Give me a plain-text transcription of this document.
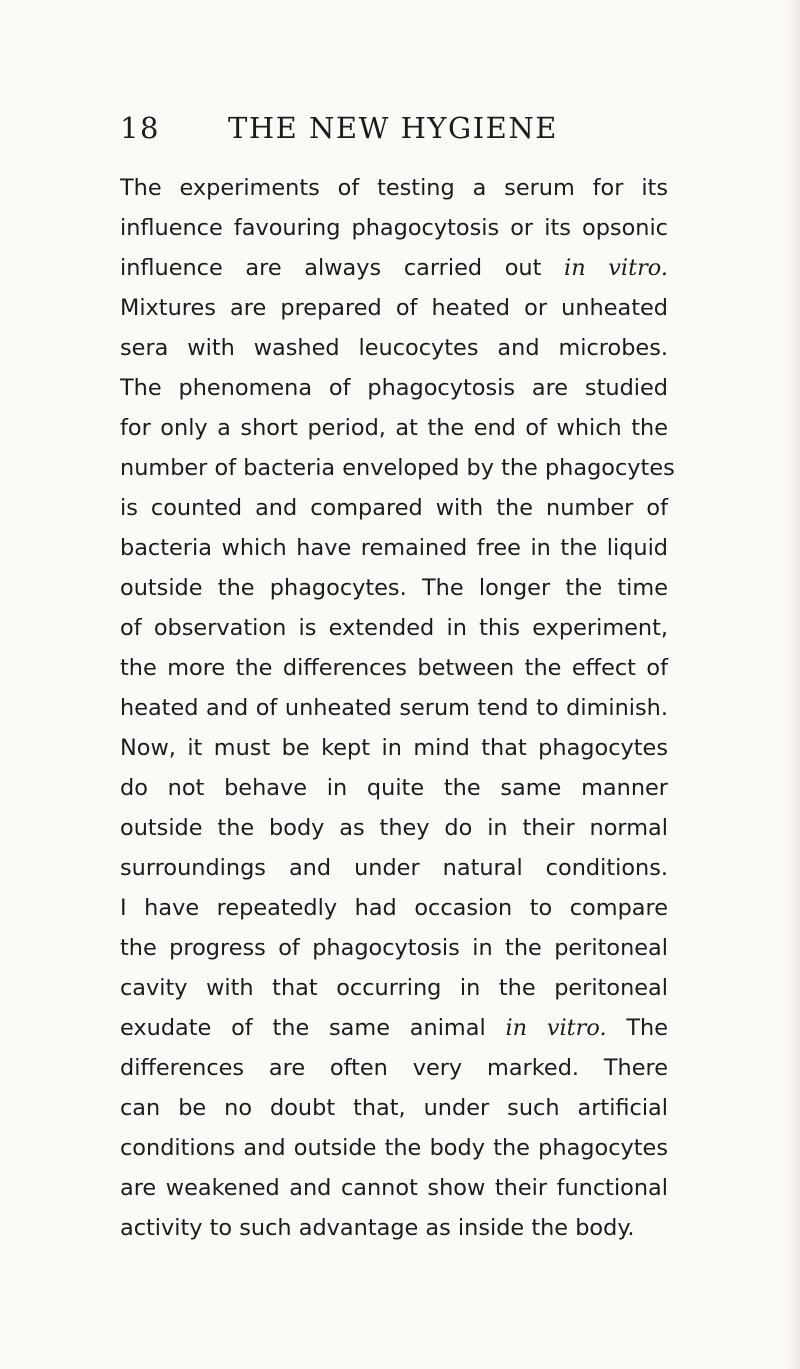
18 THE NEW HYGIENE
The experiments of testing a serum for its
influence favouring phagocytosis or its opsonic
influence are always carried out in vitro.
Mixtures are prepared of heated or unheated
sera with washed leucocytes and microbes.
The phenomena of phagocytosis are studied
for only a short period, at the end of which the
number of bacteria enveloped by the phagocytes
is counted and compared with the number of
bacteria which have remained free in the liquid
outside the phagocytes. The longer the time
of observation is extended in this experiment,
the more the differences between the effect of
heated and of unheated serum tend to diminish.
Now, it must be kept in mind that phagocytes
do not behave in quite the same manner
outside the body as they do in their normal
surroundings and under natural conditions.
I have repeatedly had occasion to compare
the progress of phagocytosis in the peritoneal
cavity with that occurring in the peritoneal
exudate of the same animal in vitro. The
differences are often very marked. There
can be no doubt that, under such artificial
conditions and outside the body the phagocytes
are weakened and cannot show their functional
activity to such advantage as inside the body.
